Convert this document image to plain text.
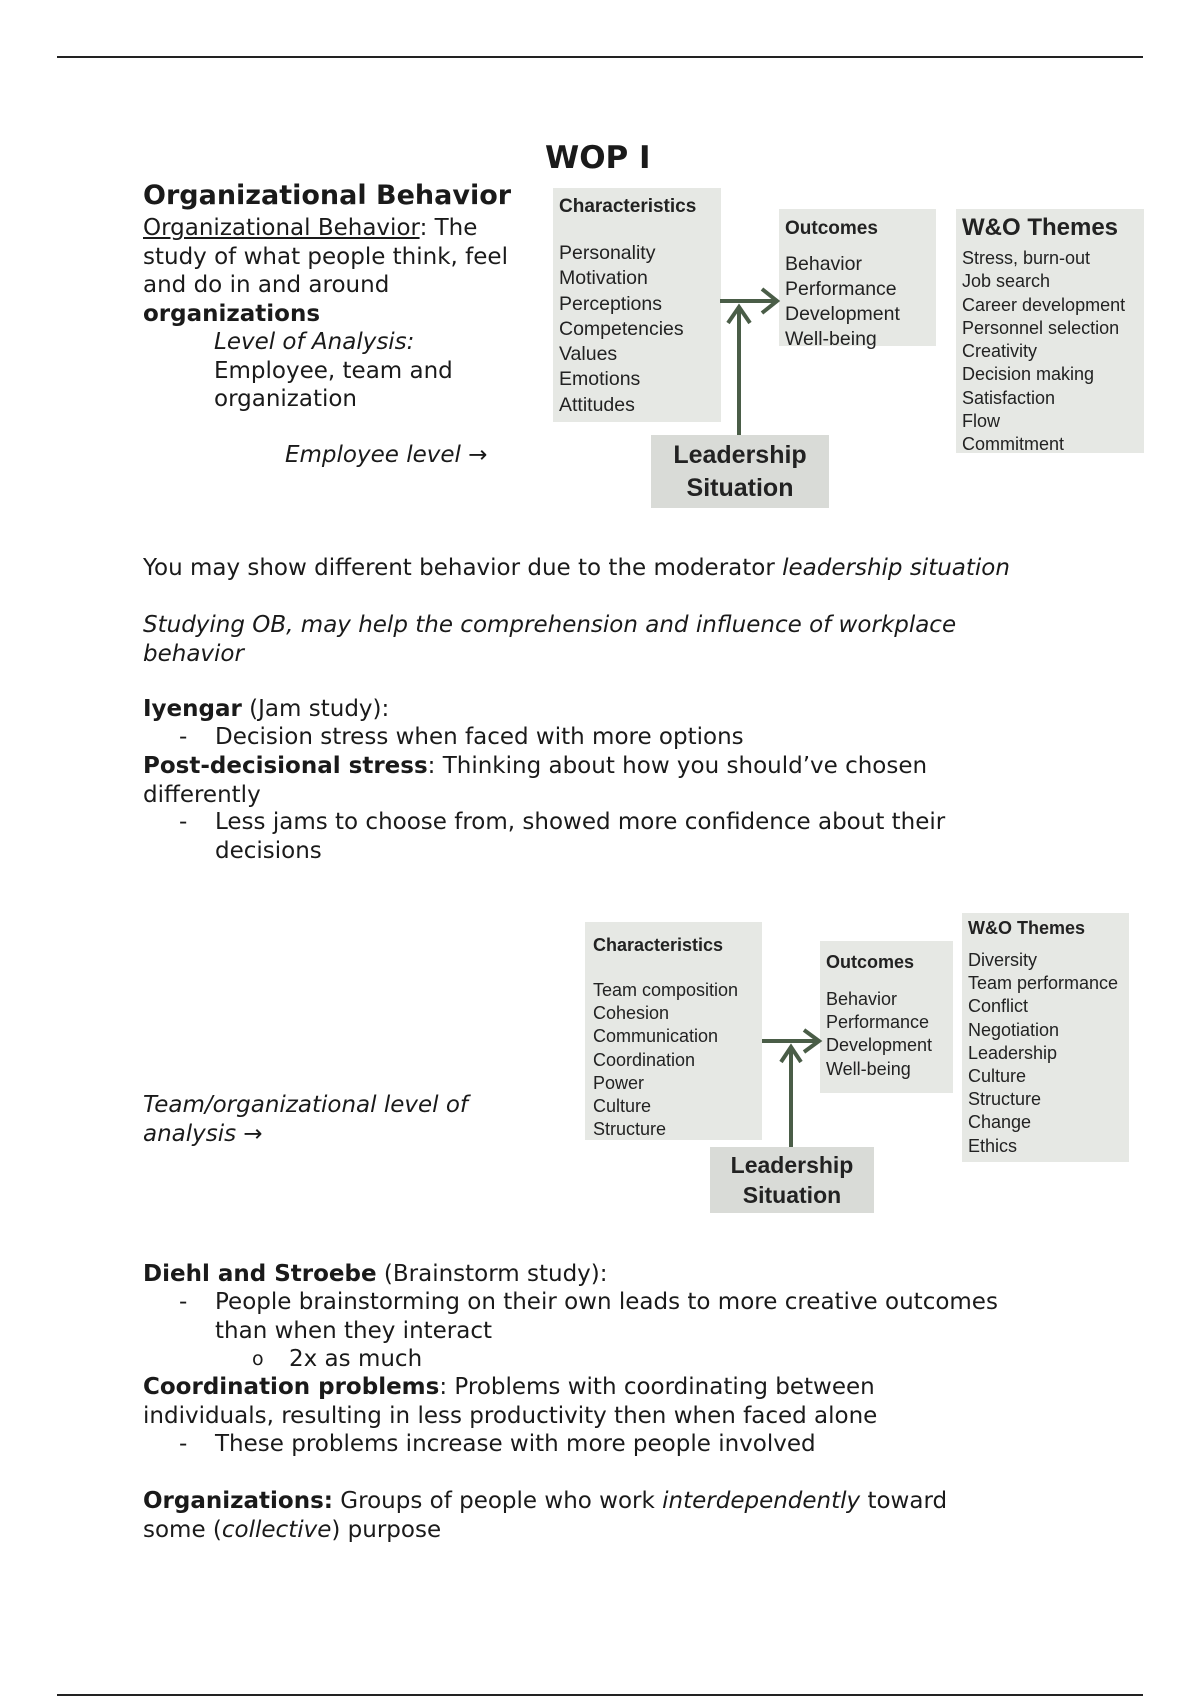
WOP I
Organizational Behavior
Organizational Behavior: The
study of what people think, feel
and do in and around
organizations
Level of Analysis:
Employee, team and
organization
Employee level →
Characteristics
Personality
Motivation
Perceptions
Competencies
Values
Emotions
Attitudes
Outcomes
Behavior
Performance
Development
Well-being
W&O Themes
Stress, burn-out
Job search
Career development
Personnel selection
Creativity
Decision making
Satisfaction
Flow
Commitment
Leadership
Situation
You may show different behavior due to the moderator leadership situation
Studying OB, may help the comprehension and influence of workplace
behavior
Iyengar (Jam study):
- Decision stress when faced with more options
Post-decisional stress: Thinking about how you should’ve chosen
differently
- Less jams to choose from, showed more confidence about their
decisions
Team/organizational level of
analysis →
Characteristics
Team composition
Cohesion
Communication
Coordination
Power
Culture
Structure
Outcomes
Behavior
Performance
Development
Well-being
W&O Themes
Diversity
Team performance
Conflict
Negotiation
Leadership
Culture
Structure
Change
Ethics
Leadership
Situation
Diehl and Stroebe (Brainstorm study):
- People brainstorming on their own leads to more creative outcomes
than when they interact
o 2x as much
Coordination problems: Problems with coordinating between
individuals, resulting in less productivity then when faced alone
- These problems increase with more people involved
Organizations: Groups of people who work interdependently toward
some (collective) purpose
